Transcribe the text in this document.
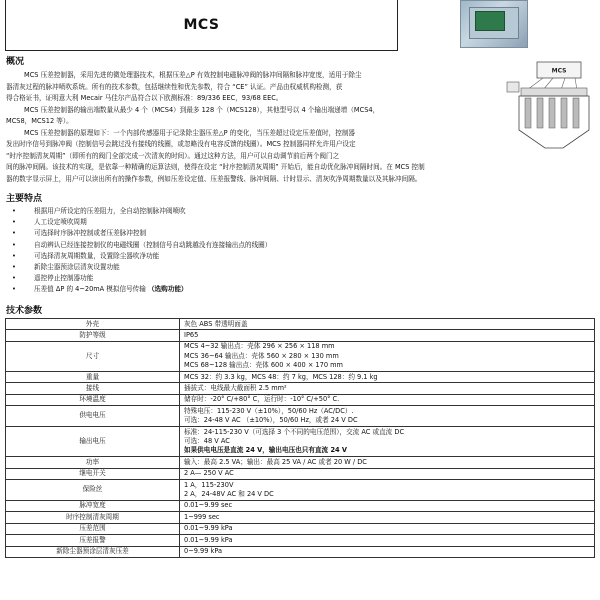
MCS
概况

MCS 压差控制器，采用先进的微处理器技术，根据压差△P 有效控制电磁脉冲阀的脉冲间隔和脉冲宽度，适用于除尘

器清灰过程的脉冲喷吹系统。所有的技术参数，包括继续性和优先参数，符合 “CE” 认证。产品由权威机构检测，获

得合格证书，证明意大利 Mecair 马佳尔产品符合以下欧测标准：89/336 EEC，93/68 EEC。

MCS 压差控制器的输出端数量从最少 4 个（MCS4）到最多 128 个（MCS128），其他型号以 4 个输出端递增（MCS4，

MCS8，MCS12 等）。

MCS 压差控制器的原理如下：一个内部传感器用于记录除尘器压差△P 的变化，当压差超过设定压差值时，控制器

发出时序信号到脉冲阀（控制信号会跳过没有接线的线圈，或忽略没有电容反馈的线圈）。MCS 控制器同样允许用户设定

“时序控制清灰周期”（即所有的阀门全部完成一次清灰的时间）。通过这种方法，用户可以自动调节前后两个阀门之

间的脉冲间隔。该技术的实现，是依靠一种精确的运算法则，使得在设定 “时序控制清灰周期” 开始后，能自动优化脉冲间隔时间。在 MCS 控制

器的数字显示屏上，用户可以读出所有的操作参数，例如压差设定值、压差报警线、脉冲间隔、计时显示、清灰吹净周期数量以及其脉冲间隔。

MCS
主要特点
• 根据用户所设定的压差阻力，全自动控制脉冲阀喷吹
• 人工设定喷吹周期
• 可选择时序脉冲控制或者压差脉冲控制
• 自动辨认已经连接控制仪的电磁线圈（控制信号自动跳越没有连接输出点的线圈）
• 可选择清灰周期数量，设置除尘器吹净功能
• 新除尘器预涂层清灰设置功能
• 遥控停止控制器功能
• 压差值 ΔP 的 4~20mA 模拟信号传输 （选购功能）
技术参数
外壳	灰色 ABS 带透明面盖
防护等级	IP65
尺寸	MCS 4~32 输出点：壳体 296 × 256 × 118 mm
MCS 36~64 输出点：壳体 560 × 280 × 130 mm
MCS 68~128 输出点：壳体 600 × 400 × 170 mm

重量	MCS 32：约 3.3 kg，MCS 48：约 7 kg，MCS 128：约 9.1 kg
接线	插拔式：电线最大截面积 2.5 mm²
环境温度	储存时：-20° C/+80° C，运行时：-10° C/+50° C.
供电电压	特殊电压：115-230 V（±10%），50/60 Hz（AC/DC）.
可选：24-48 V AC （±10%），50/60 Hz，或者 24 V DC

输出电压	标准：24-115-230 V（可选择 3 个不同的电压范围），交流 AC 或直流 DC
可选：48 V AC
如果供电电压是直流 24 V，输出电压也只有直流 24 V

功率	输入：最高 2.5 VA；输出：最高 25 VA / AC 或者 20 W / DC
继电开关	2 A— 250 V AC
保险丝	1 A，115-230V
2 A，24-48V AC 和 24 V DC

脉冲宽度	0.01~9.99 sec
时序控制清灰周期	1~999 sec
压差范围	0.01~9.99 kPa
压差报警	0.01~9.99 kPa
新除尘器预涂层清灰压差	0~9.99 kPa
